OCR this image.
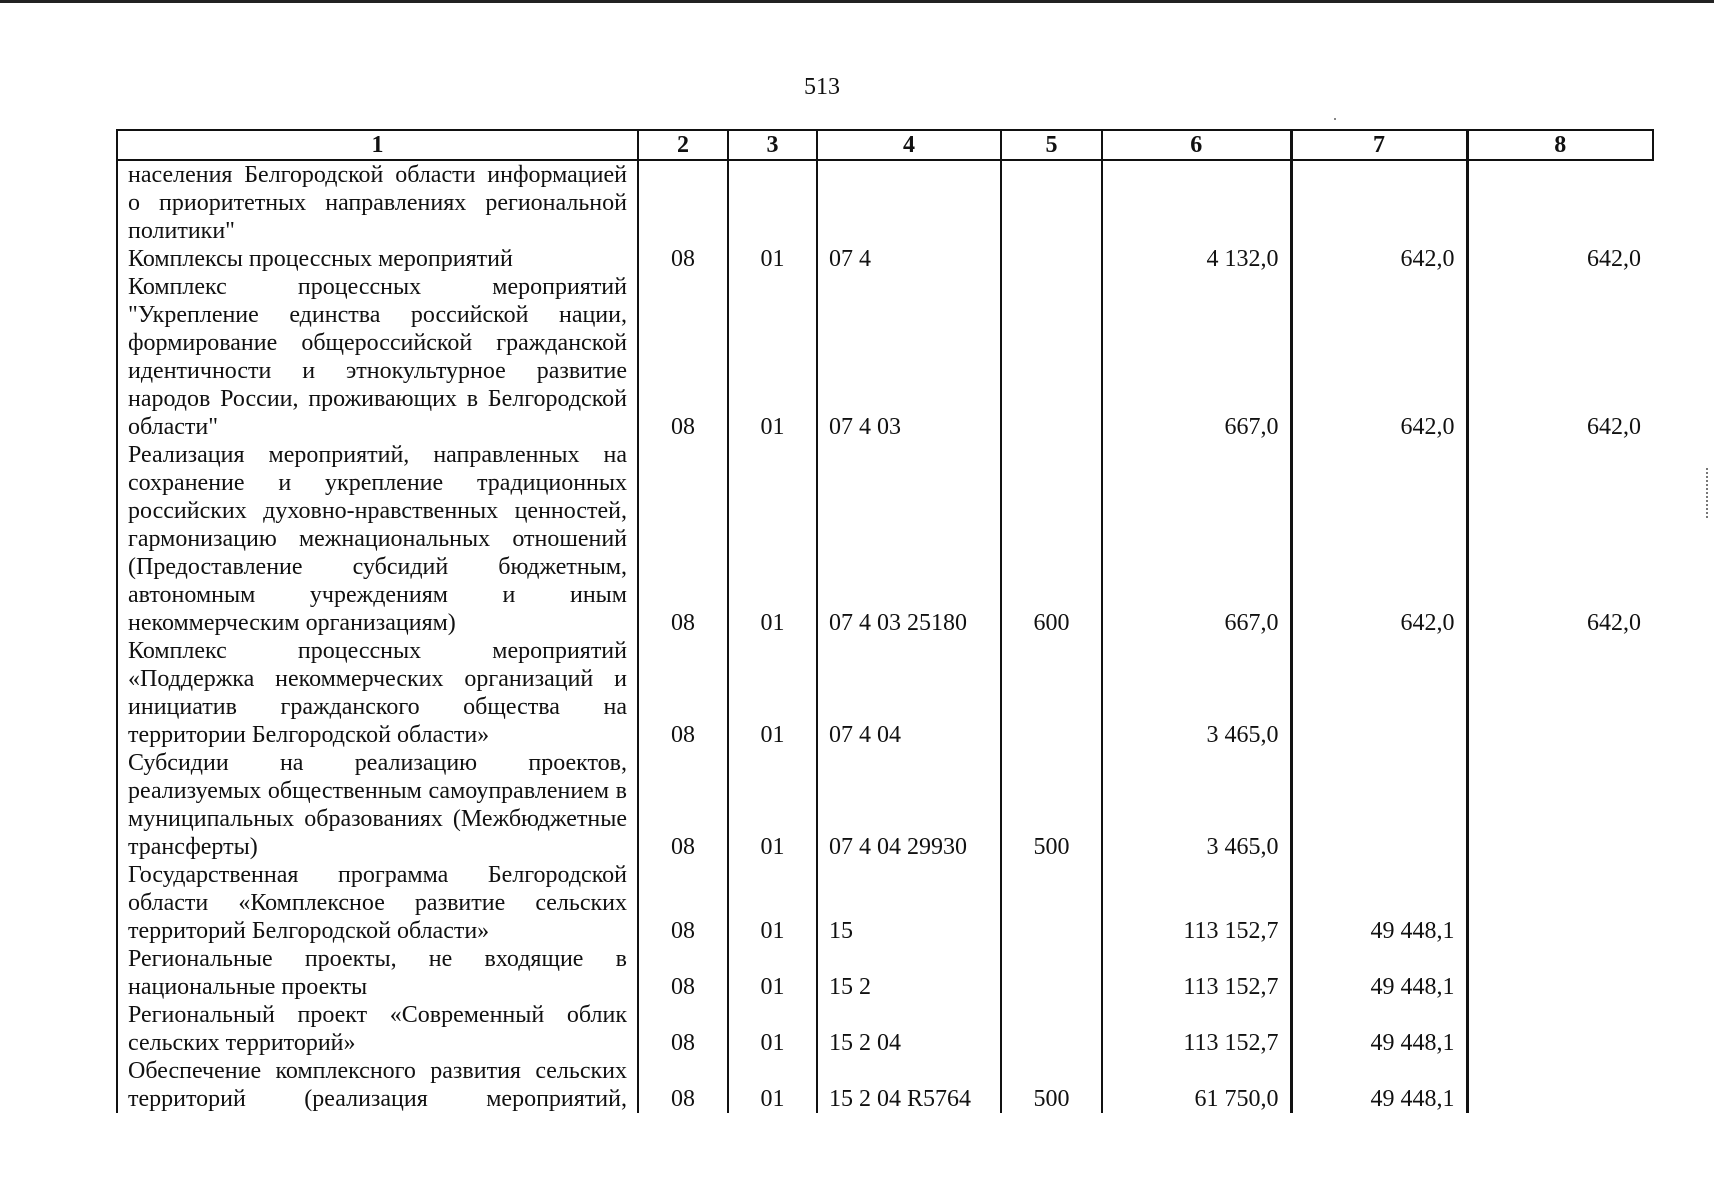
513
1	2	3	4	5	6	7	8
населения Белгородской области информацией о приоритетных направлениях региональной политики"							
Комплексы процессных мероприятий	08	01	07 4		4 132,0	642,0	642,0
Комплекс процессных мероприятий "Укрепление единства российской нации, формирование общероссийской гражданской идентичности и этнокультурное развитие народов России, проживающих в Белгородской области"	08	01	07 4 03		667,0	642,0	642,0
Реализация мероприятий, направленных на сохранение и укрепление традиционных российских духовно-нравственных ценностей, гармонизацию межнациональных отношений (Предоставление субсидий бюджетным, автономным учреждениям и иным некоммерческим организациям)	08	01	07 4 03 25180	600	667,0	642,0	642,0
Комплекс процессных мероприятий «Поддержка некоммерческих организаций и инициатив гражданского общества на территории Белгородской области»	08	01	07 4 04		3 465,0		
Субсидии на реализацию проектов, реализуемых общественным самоуправлением в муниципальных образованиях (Межбюджетные трансферты)	08	01	07 4 04 29930	500	3 465,0		
Государственная программа Белгородской области «Комплексное развитие сельских территорий Белгородской области»	08	01	15		113 152,7	49 448,1	
Региональные проекты, не входящие в национальные проекты	08	01	15 2		113 152,7	49 448,1	
Региональный проект «Современный облик сельских территорий»	08	01	15 2 04		113 152,7	49 448,1	
Обеспечение комплексного развития сельских территорий (реализация мероприятий,	08	01	15 2 04 R5764	500	61 750,0	49 448,1	
